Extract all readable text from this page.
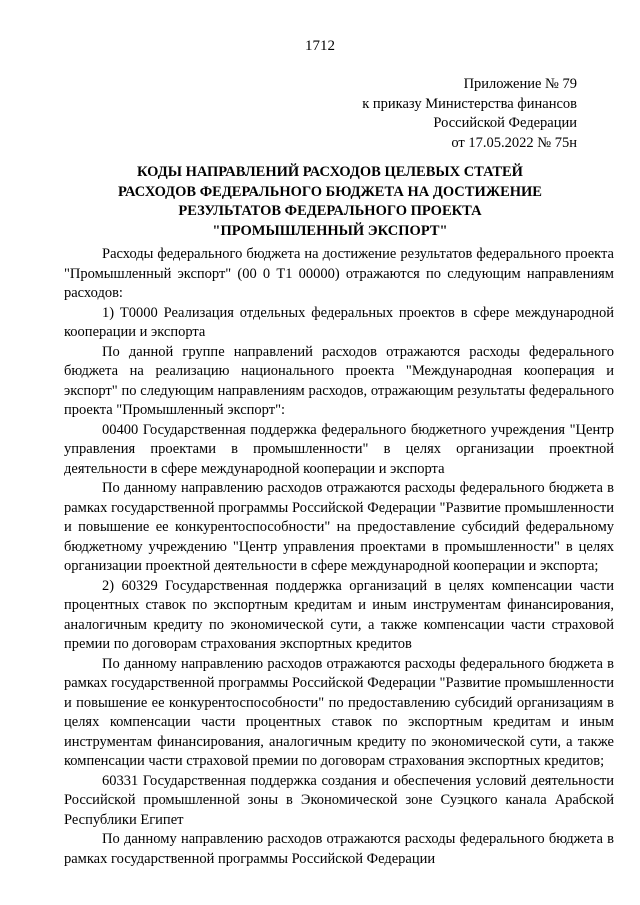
1712
Приложение № 79
к приказу Министерства финансов
Российской Федерации
от 17.05.2022 № 75н
КОДЫ НАПРАВЛЕНИЙ РАСХОДОВ ЦЕЛЕВЫХ СТАТЕЙ
РАСХОДОВ ФЕДЕРАЛЬНОГО БЮДЖЕТА НА ДОСТИЖЕНИЕ
РЕЗУЛЬТАТОВ ФЕДЕРАЛЬНОГО ПРОЕКТА
"ПРОМЫШЛЕННЫЙ ЭКСПОРТ"

Расходы федерального бюджета на достижение результатов федерального проекта "Промышленный экспорт" (00 0 Т1 00000) отражаются по следующим направлениям расходов:

1) Т0000 Реализация отдельных федеральных проектов в сфере международной кооперации и экспорта

По данной группе направлений расходов отражаются расходы федерального бюджета на реализацию национального проекта "Международная кооперация и экспорт" по следующим направлениям расходов, отражающим результаты федерального проекта "Промышленный экспорт":

00400 Государственная поддержка федерального бюджетного учреждения "Центр управления проектами в промышленности" в целях организации проектной деятельности в сфере международной кооперации и экспорта

По данному направлению расходов отражаются расходы федерального бюджета в рамках государственной программы Российской Федерации "Развитие промышленности и повышение ее конкурентоспособности" на предоставление субсидий федеральному бюджетному учреждению "Центр управления проектами в промышленности" в целях организации проектной деятельности в сфере международной кооперации и экспорта;

2) 60329 Государственная поддержка организаций в целях компенсации части процентных ставок по экспортным кредитам и иным инструментам финансирования, аналогичным кредиту по экономической сути, а также компенсации части страховой премии по договорам страхования экспортных кредитов

По данному направлению расходов отражаются расходы федерального бюджета в рамках государственной программы Российской Федерации "Развитие промышленности и повышение ее конкурентоспособности" по предоставлению субсидий организациям в целях компенсации части процентных ставок по экспортным кредитам и иным инструментам финансирования, аналогичным кредиту по экономической сути, а также компенсации части страховой премии по договорам страхования экспортных кредитов;

60331 Государственная поддержка создания и обеспечения условий деятельности Российской промышленной зоны в Экономической зоне Суэцкого канала Арабской Республики Египет

По данному направлению расходов отражаются расходы федерального бюджета в рамках государственной программы Российской Федерации
